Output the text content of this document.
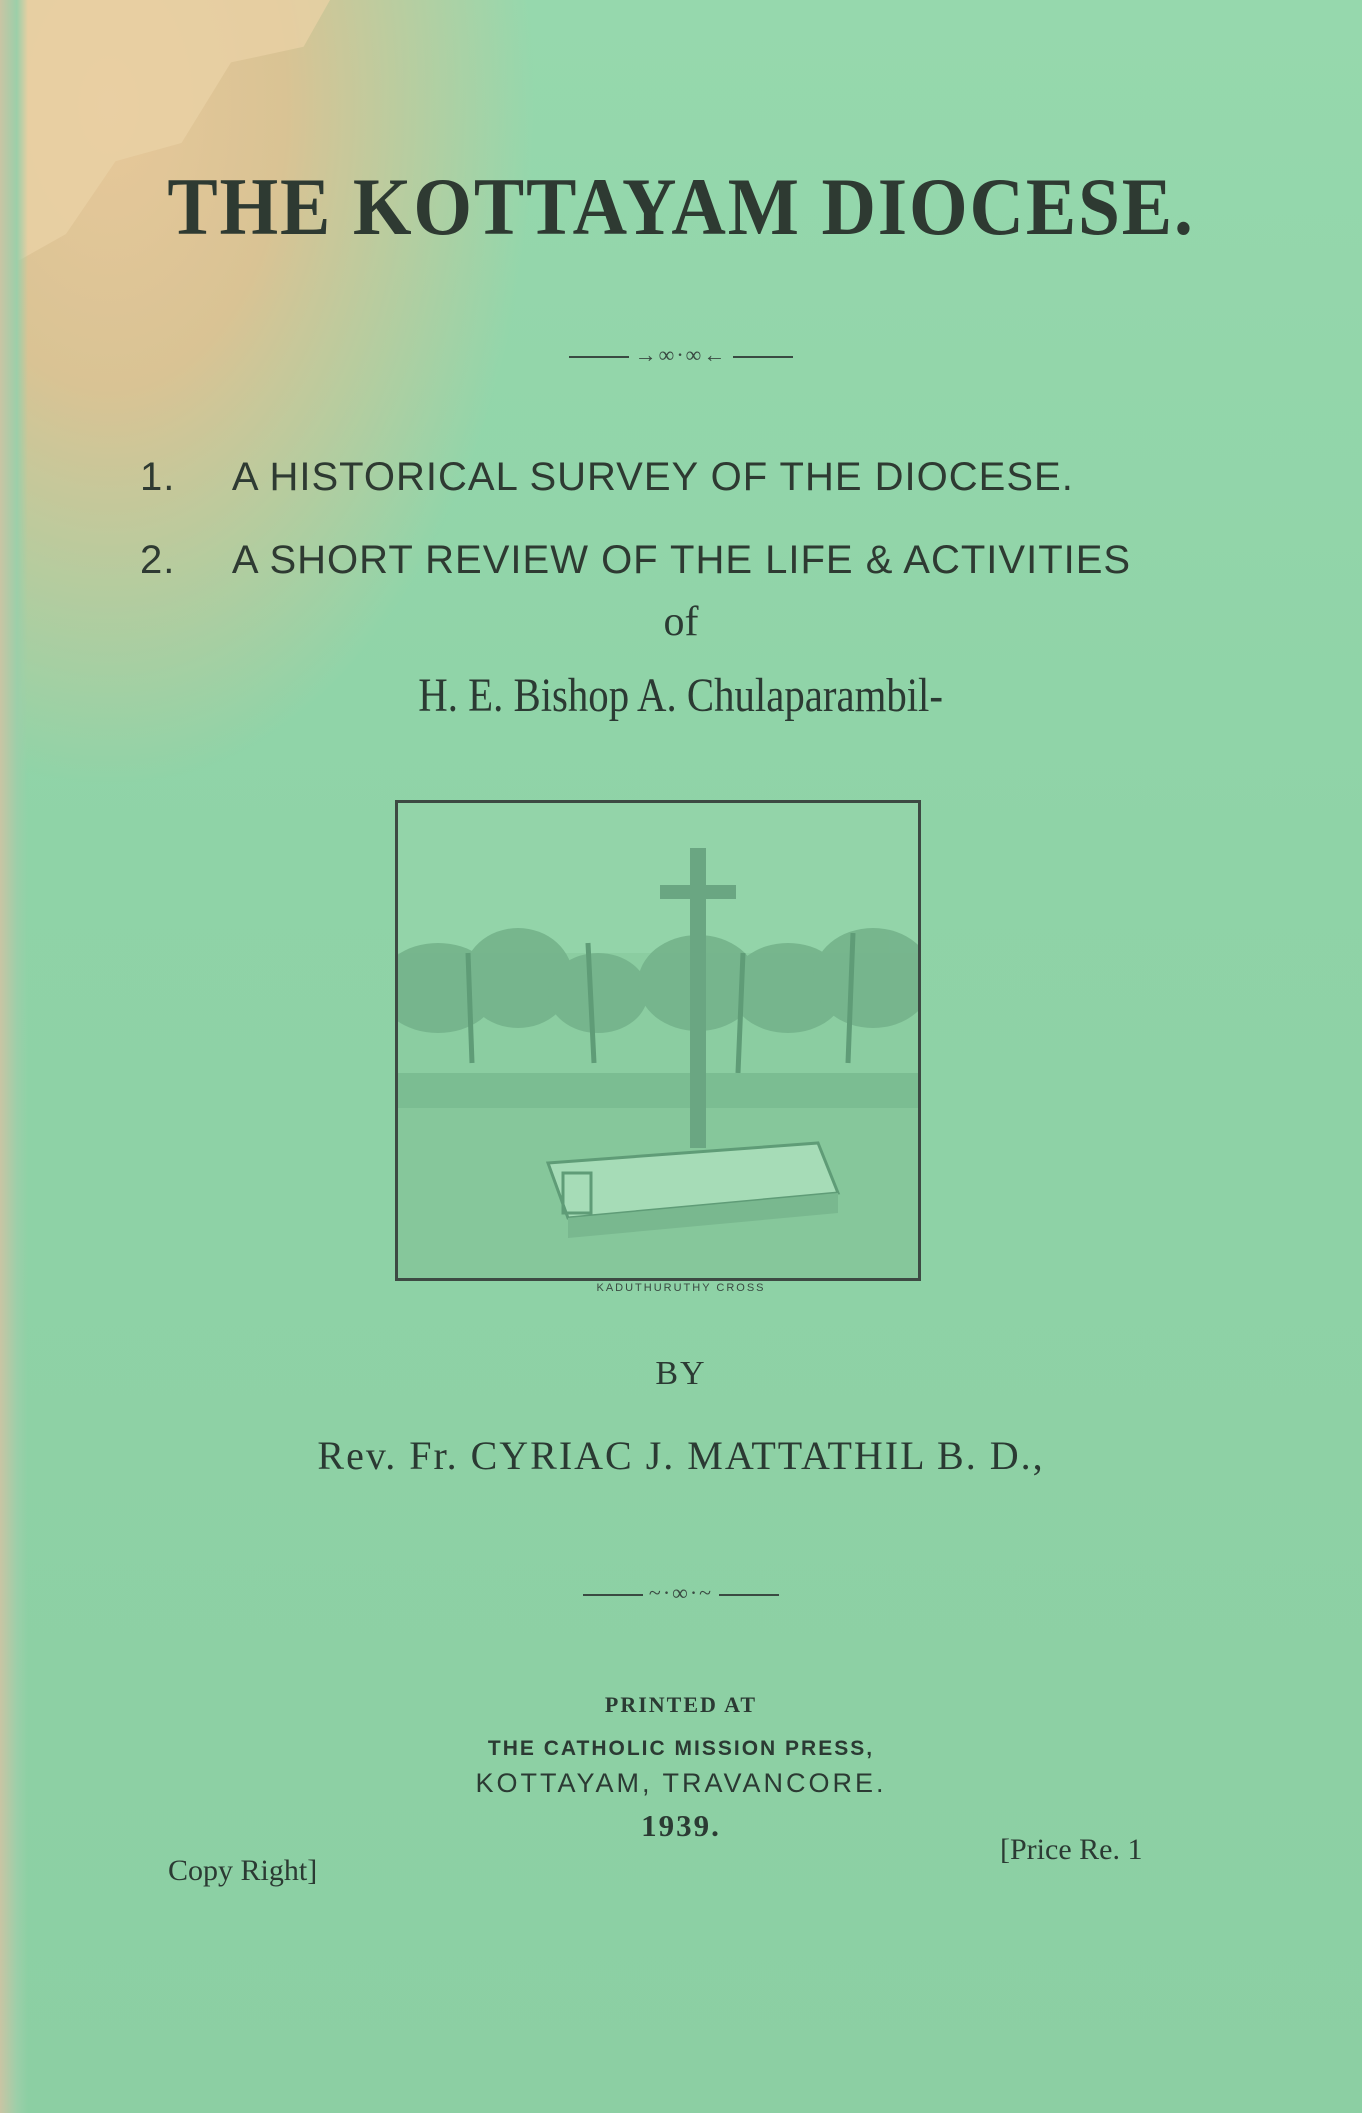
THE KOTTAYAM DIOCESE.
→∞·∞←
1. A HISTORICAL SURVEY OF THE DIOCESE.
2. A SHORT REVIEW OF THE LIFE & ACTIVITIES
of
H. E. Bishop A. Chulaparambil-
KADUTHURUTHY CROSS
BY
Rev. Fr. CYRIAC J. MATTATHIL B. D.,
~·∞·~
PRINTED AT
THE CATHOLIC MISSION PRESS,
KOTTAYAM, TRAVANCORE.
1939.
Copy Right]
[Price Re. 1
